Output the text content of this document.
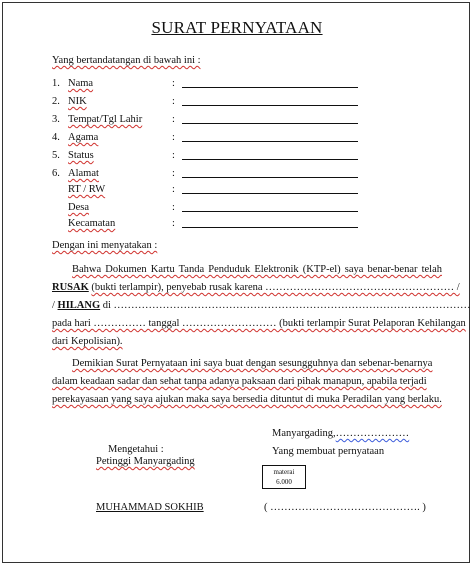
SURAT PERNYATAAN
Yang bertandatangan di bawah ini :
1. Nama	:
2. NIK	:
3. Tempat/Tgl Lahir	:
4. Agama	:
5. Status	:
6. Alamat	:
RT / RW	:
Desa	:
Kecamatan	:
Dengan ini menyatakan :
Bahwa Dokumen Kartu Tanda Penduduk Elektronik (KTP-el) saya benar-benar telah
RUSAK (bukti terlampir), penyebab rusak karena ……………………………………………… /
/ HILANG di …………………………………………………………………………………………
pada hari …………… tanggal ……………………… (bukti terlampir Surat Pelaporan Kehilangan
dari Kepolisian).
Demikian Surat Pernyataan ini saya buat dengan sesungguhnya dan sebenar-benarnya
dalam keadaan sadar dan sehat tanpa adanya paksaan dari pihak manapun, apabila terjadi
perekayasaan yang saya ajukan maka saya bersedia dituntut di muka Peradilan yang berlaku.
Manyargading,…………………
Mengetahui :	Yang membuat pernyataan
Petinggi Manyargading
materai
6.000
MUHAMMAD SOKHIB	( ……………………………………. )
